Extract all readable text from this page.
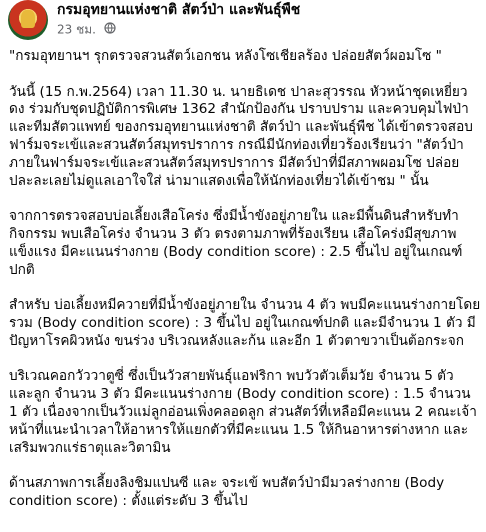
กรมอุทยานแห่งชาติ สัตว์ป่า และพันธุ์พืช
23 ชม.

"กรมอุทยานฯ รุกตรวจสวนสัตว์เอกชน หลังโซเชียลร้อง ปล่อยสัตว์ผอมโซ "

วันนี้ (15 ก.พ.2564) เวลา 11.30 น. นายธิเดช ปาละสุวรรณ หัวหน้าชุดเหยี่ยวดง ร่วมกับชุดปฏิบัติการพิเศษ 1362 สำนักป้องกัน ปราบปราม และควบคุมไฟป่า และทีมสัตวแพทย์ ของกรมอุทยานแห่งชาติ สัตว์ป่า และพันธุ์พืช ได้เข้าตรวจสอบฟาร์มจระเข้และสวนสัตว์สมุทรปราการ กรณีมีนักท่องเที่ยวร้องเรียนว่า "สัตว์ป่าภายในฟาร์มจระเข้และสวนสัตว์สมุทรปราการ มีสัตว์ป่าที่มีสภาพผอมโซ ปล่อยปละละเลยไม่ดูแลเอาใจใส่ น่ามาแสดงเพื่อให้นักท่องเที่ยวได้เข้าชม " นั้น

จากการตรวจสอบบ่อเลี้ยงเสือโคร่ง ซึ่งมีน้ำขังอยู่ภายใน และมีพื้นดินสำหรับทำกิจกรรม พบเสือโคร่ง จำนวน 3 ตัว ตรงตามภาพที่ร้องเรียน เสือโคร่งมีสุขภาพแข็งแรง มีคะแนนร่างกาย (Body condition score) : 2.5 ขึ้นไป อยู่ในเกณฑ์ปกติ

สำหรับ บ่อเลี้ยงหมีควายที่มีน้ำขังอยู่ภายใน จำนวน 4 ตัว พบมีคะแนนร่างกายโดยรวม (Body condition score) : 3 ขึ้นไป อยู่ในเกณฑ์ปกติ และมีจำนวน 1 ตัว มีปัญหาโรคผิวหนัง ขนร่วง บริเวณหลังและก้น และอีก 1 ตัวตาขวาเป็นต้อกระจก

บริเวณคอกวัววาตูซี่ ซึ่งเป็นวัวสายพันธุ์แอฟริกา พบวัวตัวเต็มวัย จำนวน 5 ตัว และลูก จำนวน 3 ตัว มีคะแนนร่างกาย (Body condition score) : 1.5 จำนวน 1 ตัว เนื่องจากเป็นวัวแม่ลูกอ่อนเพิ่งคลอดลูก ส่วนสัตว์ที่เหลือมีคะแนน 2 คณะเจ้าหน้าที่แนะนำเวลาให้อาหารให้แยกตัวที่มีคะแนน 1.5 ให้กินอาหารต่างหาก และเสริมพวกแร่ธาตุและวิตามิน

ด้านสภาพการเลี้ยงลิงชิมแปนซี และ จระเข้ พบสัตว์ป่ามีมวลร่างกาย (Body condition score) : ตั้งแต่ระดับ 3 ขึ้นไป
